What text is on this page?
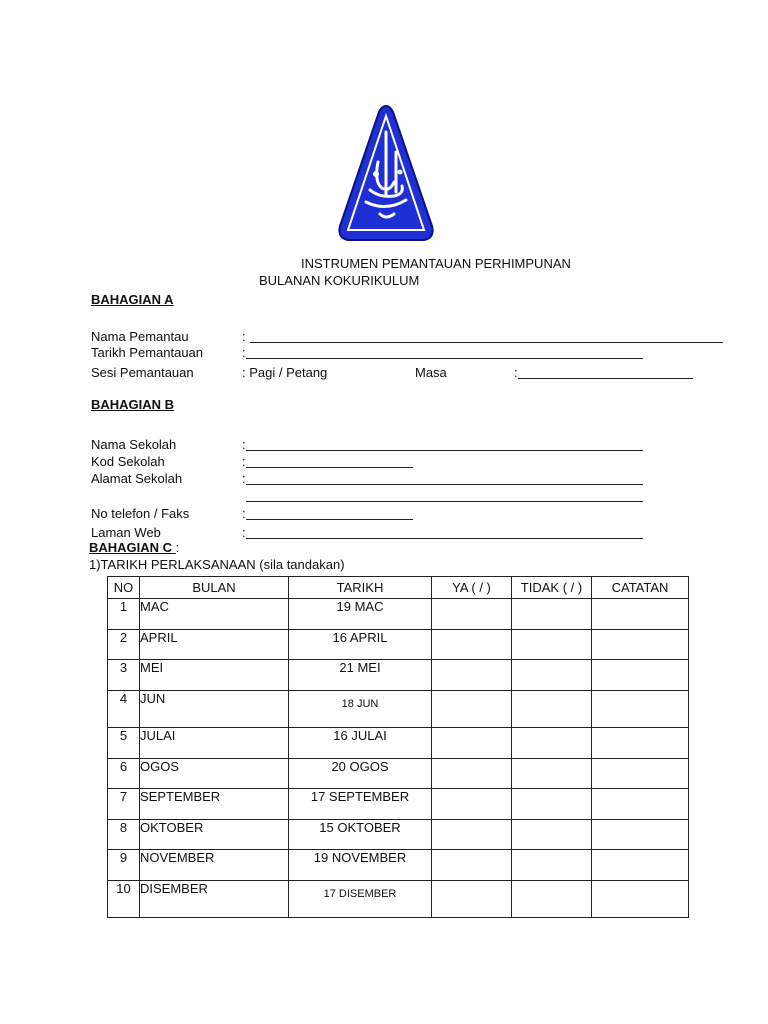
INSTRUMEN PEMANTAUAN PERHIMPUNAN
BULANAN KOKURIKULUM
BAHAGIAN A
Nama Pemantau	:
Tarikh Pemantauan	:
Sesi Pemantauan	: Pagi / Petang	Masa	:
BAHAGIAN B
Nama Sekolah	:
Kod Sekolah	:
Alamat Sekolah	:
No telefon / Faks	:
Laman Web	:
BAHAGIAN C :
1)TARIKH PERLAKSANAAN (sila tandakan)
NO	BULAN	TARIKH	YA ( / )	TIDAK ( / )	CATATAN
1	MAC	19 MAC			
2	APRIL	16 APRIL			
3	MEI	21 MEI			
4	JUN	18 JUN			
5	JULAI	16 JULAI			
6	OGOS	20 OGOS			
7	SEPTEMBER	17 SEPTEMBER			
8	OKTOBER	15 OKTOBER			
9	NOVEMBER	19 NOVEMBER			
10	DISEMBER	17 DISEMBER			
